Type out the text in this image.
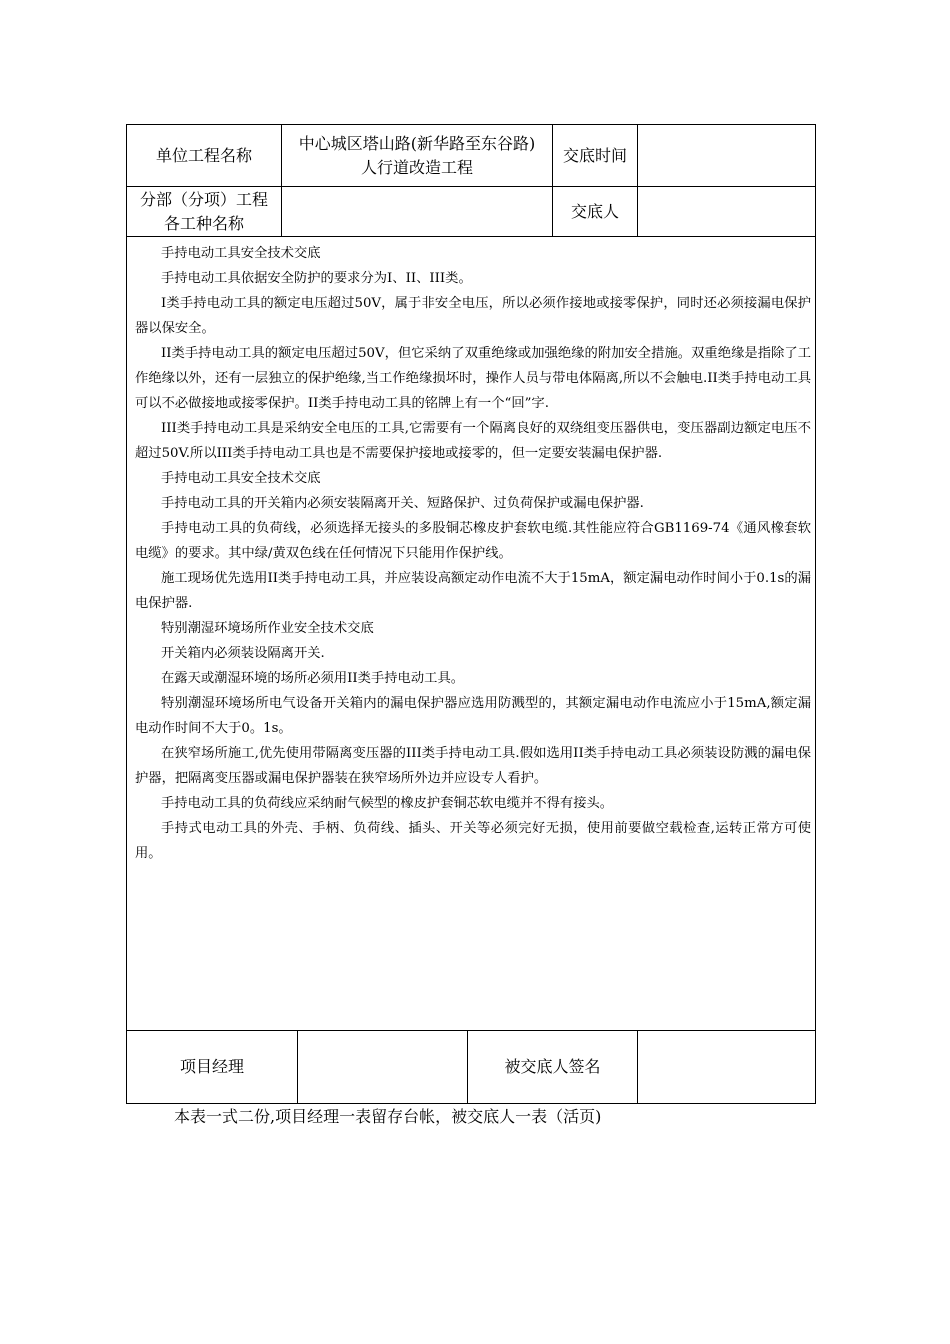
单位工程名称
中心城区塔山路(新华路至东谷路)
人行道改造工程
交底时间
分部（分项）工程
各工种名称
交底人

手持电动工具安全技术交底

手持电动工具依据安全防护的要求分为I、II、III类。

I类手持电动工具的额定电压超过50V，属于非安全电压，所以必须作接地或接零保护，同时还必须接漏电保护器以保安全。

II类手持电动工具的额定电压超过50V，但它采纳了双重绝缘或加强绝缘的附加安全措施。双重绝缘是指除了工作绝缘以外，还有一层独立的保护绝缘,当工作绝缘损坏时，操作人员与带电体隔离,所以不会触电.II类手持电动工具可以不必做接地或接零保护。II类手持电动工具的铭牌上有一个“回”字.

III类手持电动工具是采纳安全电压的工具,它需要有一个隔离良好的双绕组变压器供电，变压器副边额定电压不超过50V.所以III类手持电动工具也是不需要保护接地或接零的，但一定要安装漏电保护器.

手持电动工具安全技术交底

手持电动工具的开关箱内必须安装隔离开关、短路保护、过负荷保护或漏电保护器.

手持电动工具的负荷线，必须选择无接头的多股铜芯橡皮护套软电缆.其性能应符合GB1169-74《通风橡套软电缆》的要求。其中绿/黄双色线在任何情况下只能用作保护线。

施工现场优先选用II类手持电动工具，并应装设高额定动作电流不大于15mA，额定漏电动作时间小于0.1s的漏电保护器.

特别潮湿环境场所作业安全技术交底

开关箱内必须装设隔离开关.

在露天或潮湿环境的场所必须用II类手持电动工具。

特别潮湿环境场所电气设备开关箱内的漏电保护器应选用防溅型的，其额定漏电动作电流应小于15mA,额定漏电动作时间不大于0。1s。

在狭窄场所施工,优先使用带隔离变压器的III类手持电动工具.假如选用II类手持电动工具必须装设防溅的漏电保护器，把隔离变压器或漏电保护器装在狭窄场所外边并应设专人看护。

手持电动工具的负荷线应采纳耐气候型的橡皮护套铜芯软电缆并不得有接头。

手持式电动工具的外壳、手柄、负荷线、插头、开关等必须完好无损，使用前要做空载检查,运转正常方可使用。

项目经理	被交底人签名
本表一式二份,项目经理一表留存台帐，被交底人一表（活页)
